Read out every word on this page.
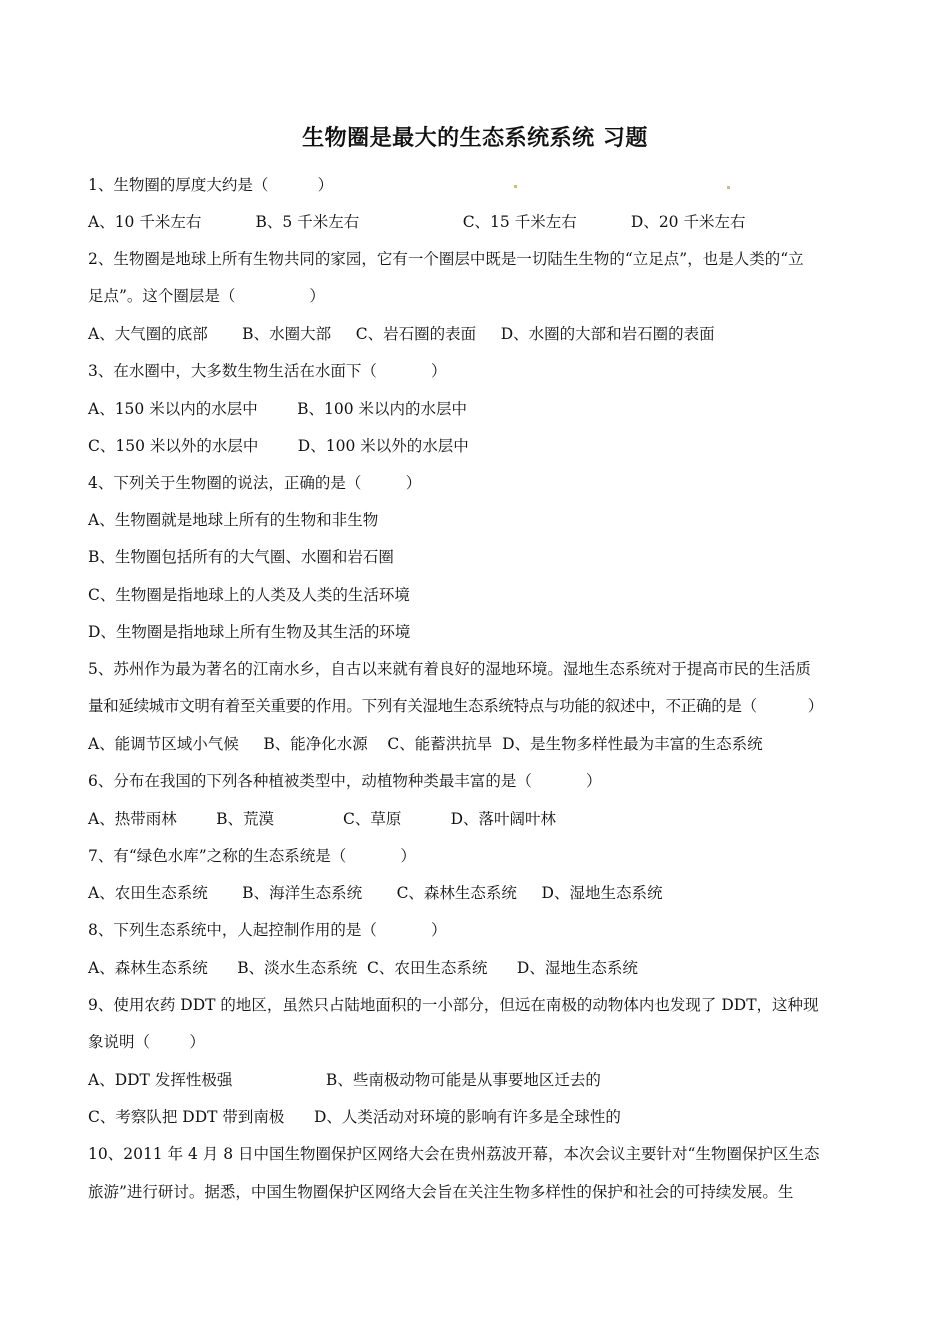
生物圈是最大的生态系统系统 习题
1、生物圈的厚度大约是（          ）
A、10 千米左右           B、5 千米左右                     C、15 千米左右           D、20 千米左右
2、生物圈是地球上所有生物共同的家园，它有一个圈层中既是一切陆生生物的“立足点”，也是人类的“立
足点”。这个圈层是（               ）
A、大气圈的底部       B、水圈大部     C、岩石圈的表面     D、水圈的大部和岩石圈的表面
3、在水圈中，大多数生物生活在水面下（           ）
A、150 米以内的水层中        B、100 米以内的水层中
C、150 米以外的水层中        D、100 米以外的水层中
4、下列关于生物圈的说法，正确的是（         ）
A、生物圈就是地球上所有的生物和非生物
B、生物圈包括所有的大气圈、水圈和岩石圈
C、生物圈是指地球上的人类及人类的生活环境
D、生物圈是指地球上所有生物及其生活的环境
5、苏州作为最为著名的江南水乡，自古以来就有着良好的湿地环境。湿地生态系统对于提高市民的生活质
量和延续城市文明有着至关重要的作用。下列有关湿地生态系统特点与功能的叙述中，不正确的是（           ）
A、能调节区域小气候     B、能净化水源    C、能蓄洪抗旱  D、是生物多样性最为丰富的生态系统
6、分布在我国的下列各种植被类型中，动植物种类最丰富的是（           ）
A、热带雨林        B、荒漠              C、草原          D、落叶阔叶林
7、有“绿色水库”之称的生态系统是（           ）
A、农田生态系统       B、海洋生态系统       C、森林生态系统     D、湿地生态系统
8、下列生态系统中，人起控制作用的是（           ）
A、森林生态系统      B、淡水生态系统  C、农田生态系统      D、湿地生态系统
9、使用农药 DDT 的地区，虽然只占陆地面积的一小部分，但远在南极的动物体内也发现了 DDT，这种现
象说明（        ）
A、DDT 发挥性极强                   B、些南极动物可能是从事要地区迁去的
C、考察队把 DDT 带到南极      D、人类活动对环境的影响有许多是全球性的
10、2011 年 4 月 8 日中国生物圈保护区网络大会在贵州荔波开幕，本次会议主要针对“生物圈保护区生态
旅游”进行研讨。据悉，中国生物圈保护区网络大会旨在关注生物多样性的保护和社会的可持续发展。生
